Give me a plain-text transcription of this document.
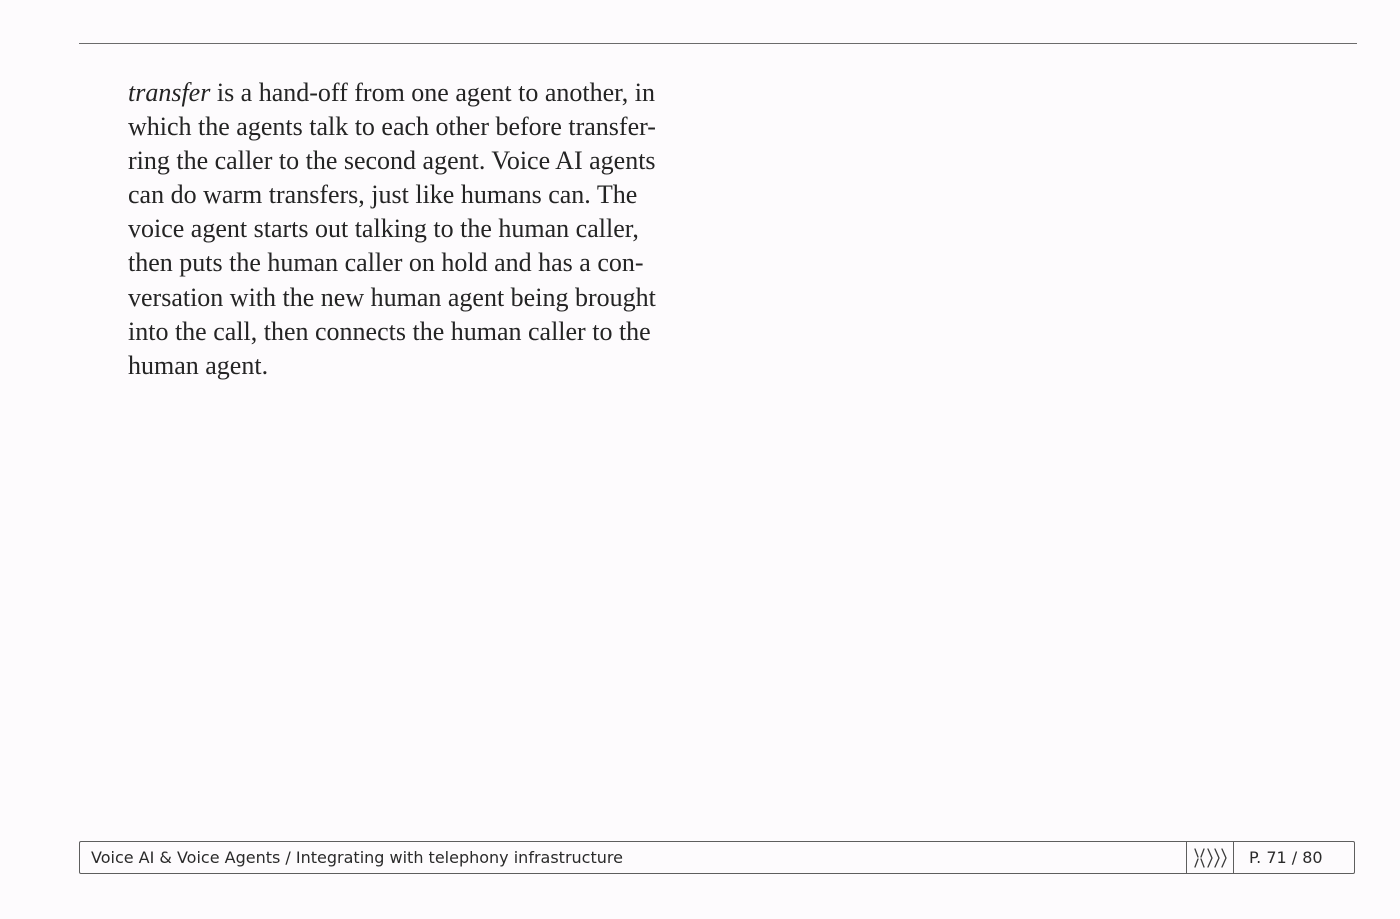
transfer is a hand-off from one agent to another, in
which the agents talk to each other before transfer-
ring the caller to the second agent. Voice AI agents
can do warm transfers, just like humans can. The
voice agent starts out talking to the human caller,
then puts the human caller on hold and has a con-
versation with the new human agent being brought
into the call, then connects the human caller to the
human agent.
Voice AI & Voice Agents / Integrating with telephony infrastructure	P. 71 / 80
